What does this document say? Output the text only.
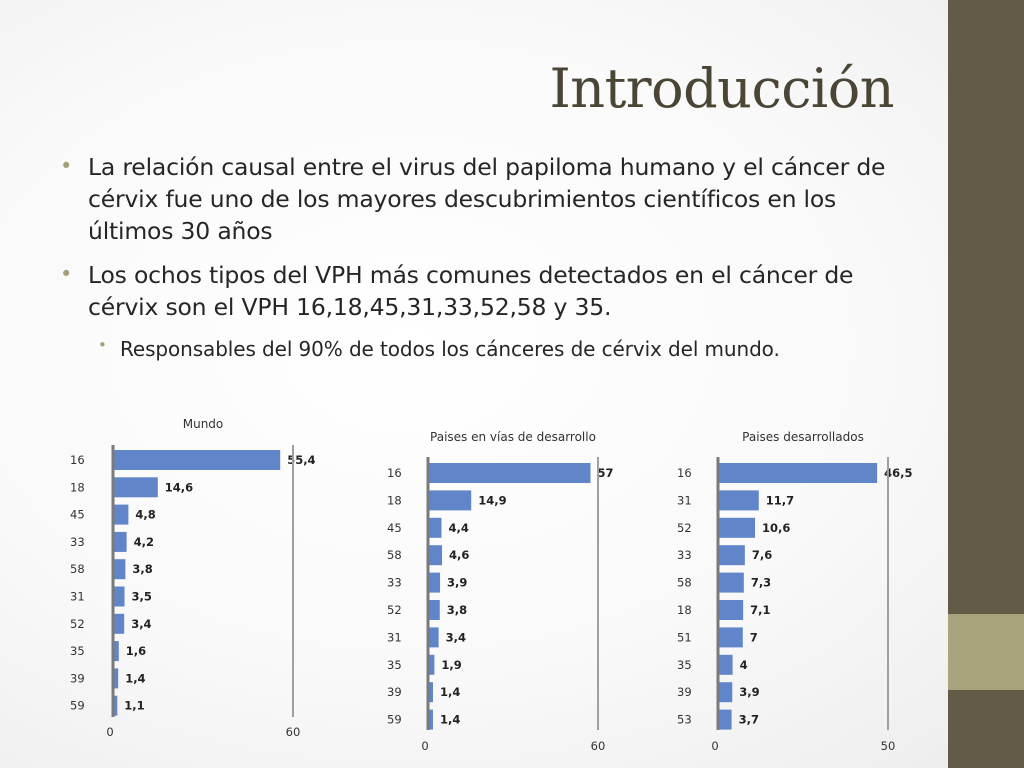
Introducción
• La relación causal entre el virus del papiloma humano y el cáncer de cérvix fue uno de los mayores descubrimientos científicos en los últimos 30 años
• Los ochos tipos del VPH más comunes detectados en el cáncer de cérvix son el VPH 16,18,45,31,33,52,58 y 35.
• Responsables del 90% de todos los cánceres de cérvix del mundo.
Mundo
16	55,4
18	14,6
45	4,8
33	4,2
58	3,8
31	3,5
52	3,4
35	1,6
39	1,4
59	1,1
0	60
Paises en vías de desarrollo
16	57
18	14,9
45	4,4
58	4,6
33	3,9
52	3,8
31	3,4
35	1,9
39	1,4
59	1,4
0	60
Paises desarrollados
16	46,5
31	11,7
52	10,6
33	7,6
58	7,3
18	7,1
51	7
35	4
39	3,9
53	3,7
0	50
